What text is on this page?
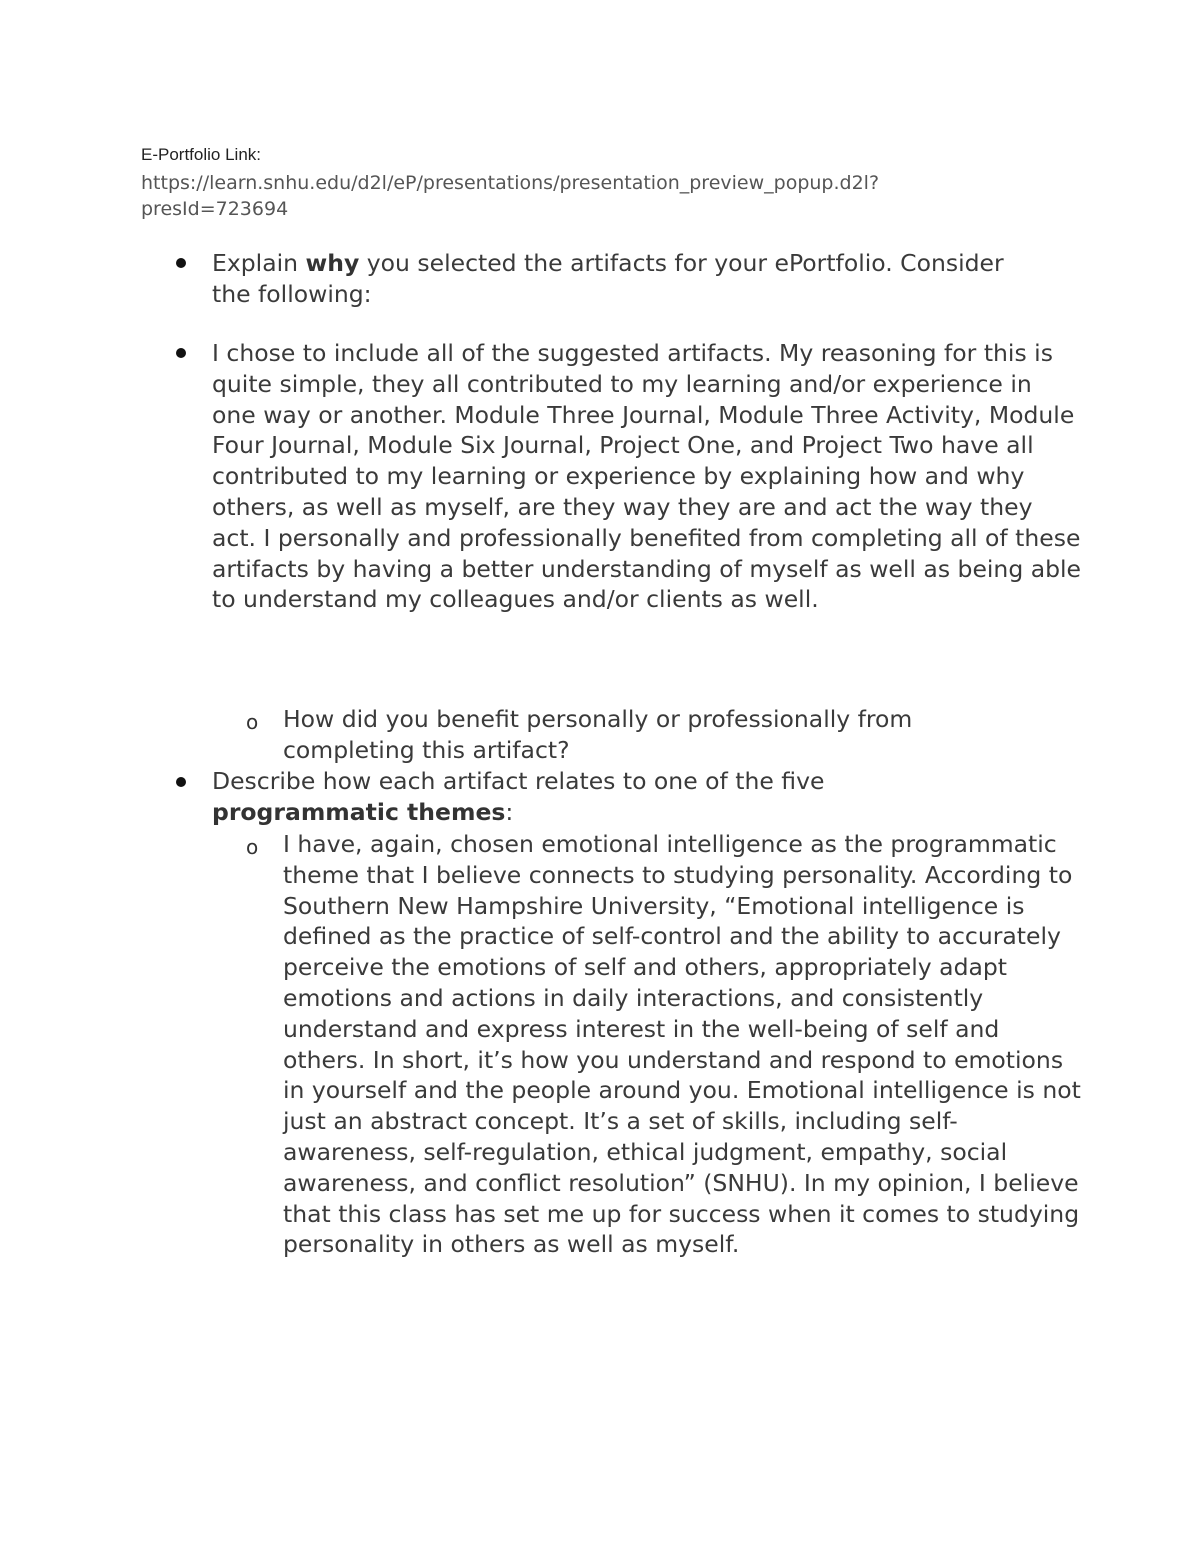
E-Portfolio Link:
https://learn.snhu.edu/d2l/eP/presentations/presentation_preview_popup.d2l?
presId=723694
Explain why you selected the artifacts for your ePortfolio. Consider the following:
I chose to include all of the suggested artifacts. My reasoning for this is quite simple, they all contributed to my learning and/or experience in one way or another. Module Three Journal, Module Three Activity, Module Four Journal, Module Six Journal, Project One, and Project Two have all contributed to my learning or experience by explaining how and why others, as well as myself, are they way they are and act the way they act. I personally and professionally benefited from completing all of these artifacts by having a better understanding of myself as well as being able to understand my colleagues and/or clients as well.
o How did you benefit personally or professionally from completing this artifact?
Describe how each artifact relates to one of the five programmatic themes:
o I have, again, chosen emotional intelligence as the programmatic theme that I believe connects to studying personality. According to Southern New Hampshire University, “Emotional intelligence is defined as the practice of self-control and the ability to accurately perceive the emotions of self and others, appropriately adapt emotions and actions in daily interactions, and consistently understand and express interest in the well-being of self and others. In short, it’s how you understand and respond to emotions in yourself and the people around you. Emotional intelligence is not just an abstract concept. It’s a set of skills, including self-awareness, self-regulation, ethical judgment, empathy, social awareness, and conflict resolution” (SNHU). In my opinion, I believe that this class has set me up for success when it comes to studying personality in others as well as myself.
